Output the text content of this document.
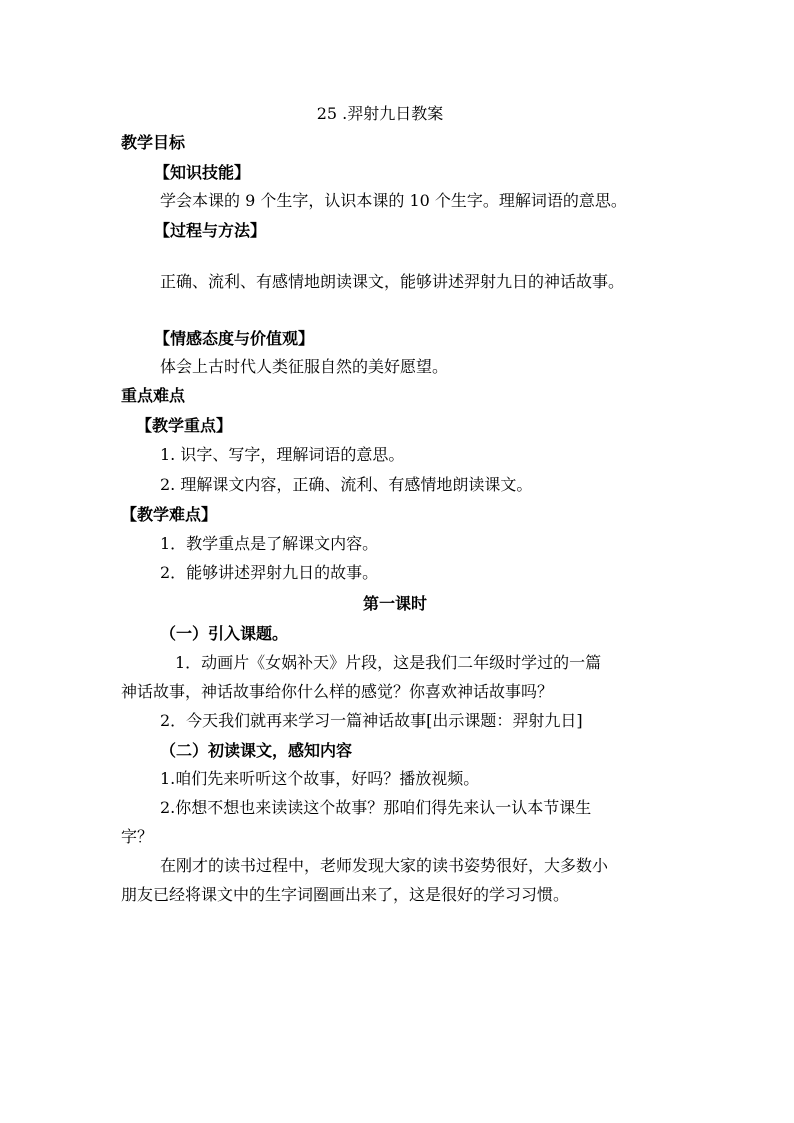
25 .羿射九日教案
教学目标
【知识技能】
学会本课的 9 个生字，认识本课的 10 个生字。理解词语的意思。
【过程与方法】
正确、流利、有感情地朗读课文，能够讲述羿射九日的神话故事。
【情感态度与价值观】
体会上古时代人类征服自然的美好愿望。
重点难点
【教学重点】
1. 识字、写字，理解词语的意思。
2. 理解课文内容，正确、流利、有感情地朗读课文。
【教学难点】
1．教学重点是了解课文内容。
2．能够讲述羿射九日的故事。
第一课时
（一）引入课题。
1．动画片《女娲补天》片段，这是我们二年级时学过的一篇
神话故事，神话故事给你什么样的感觉？你喜欢神话故事吗？
2．今天我们就再来学习一篇神话故事[出示课题：羿射九日]
（二）初读课文，感知内容
1.咱们先来听听这个故事，好吗？播放视频。
2.你想不想也来读读这个故事？那咱们得先来认一认本节课生
字？
在刚才的读书过程中，老师发现大家的读书姿势很好，大多数小
朋友已经将课文中的生字词圈画出来了，这是很好的学习习惯。
